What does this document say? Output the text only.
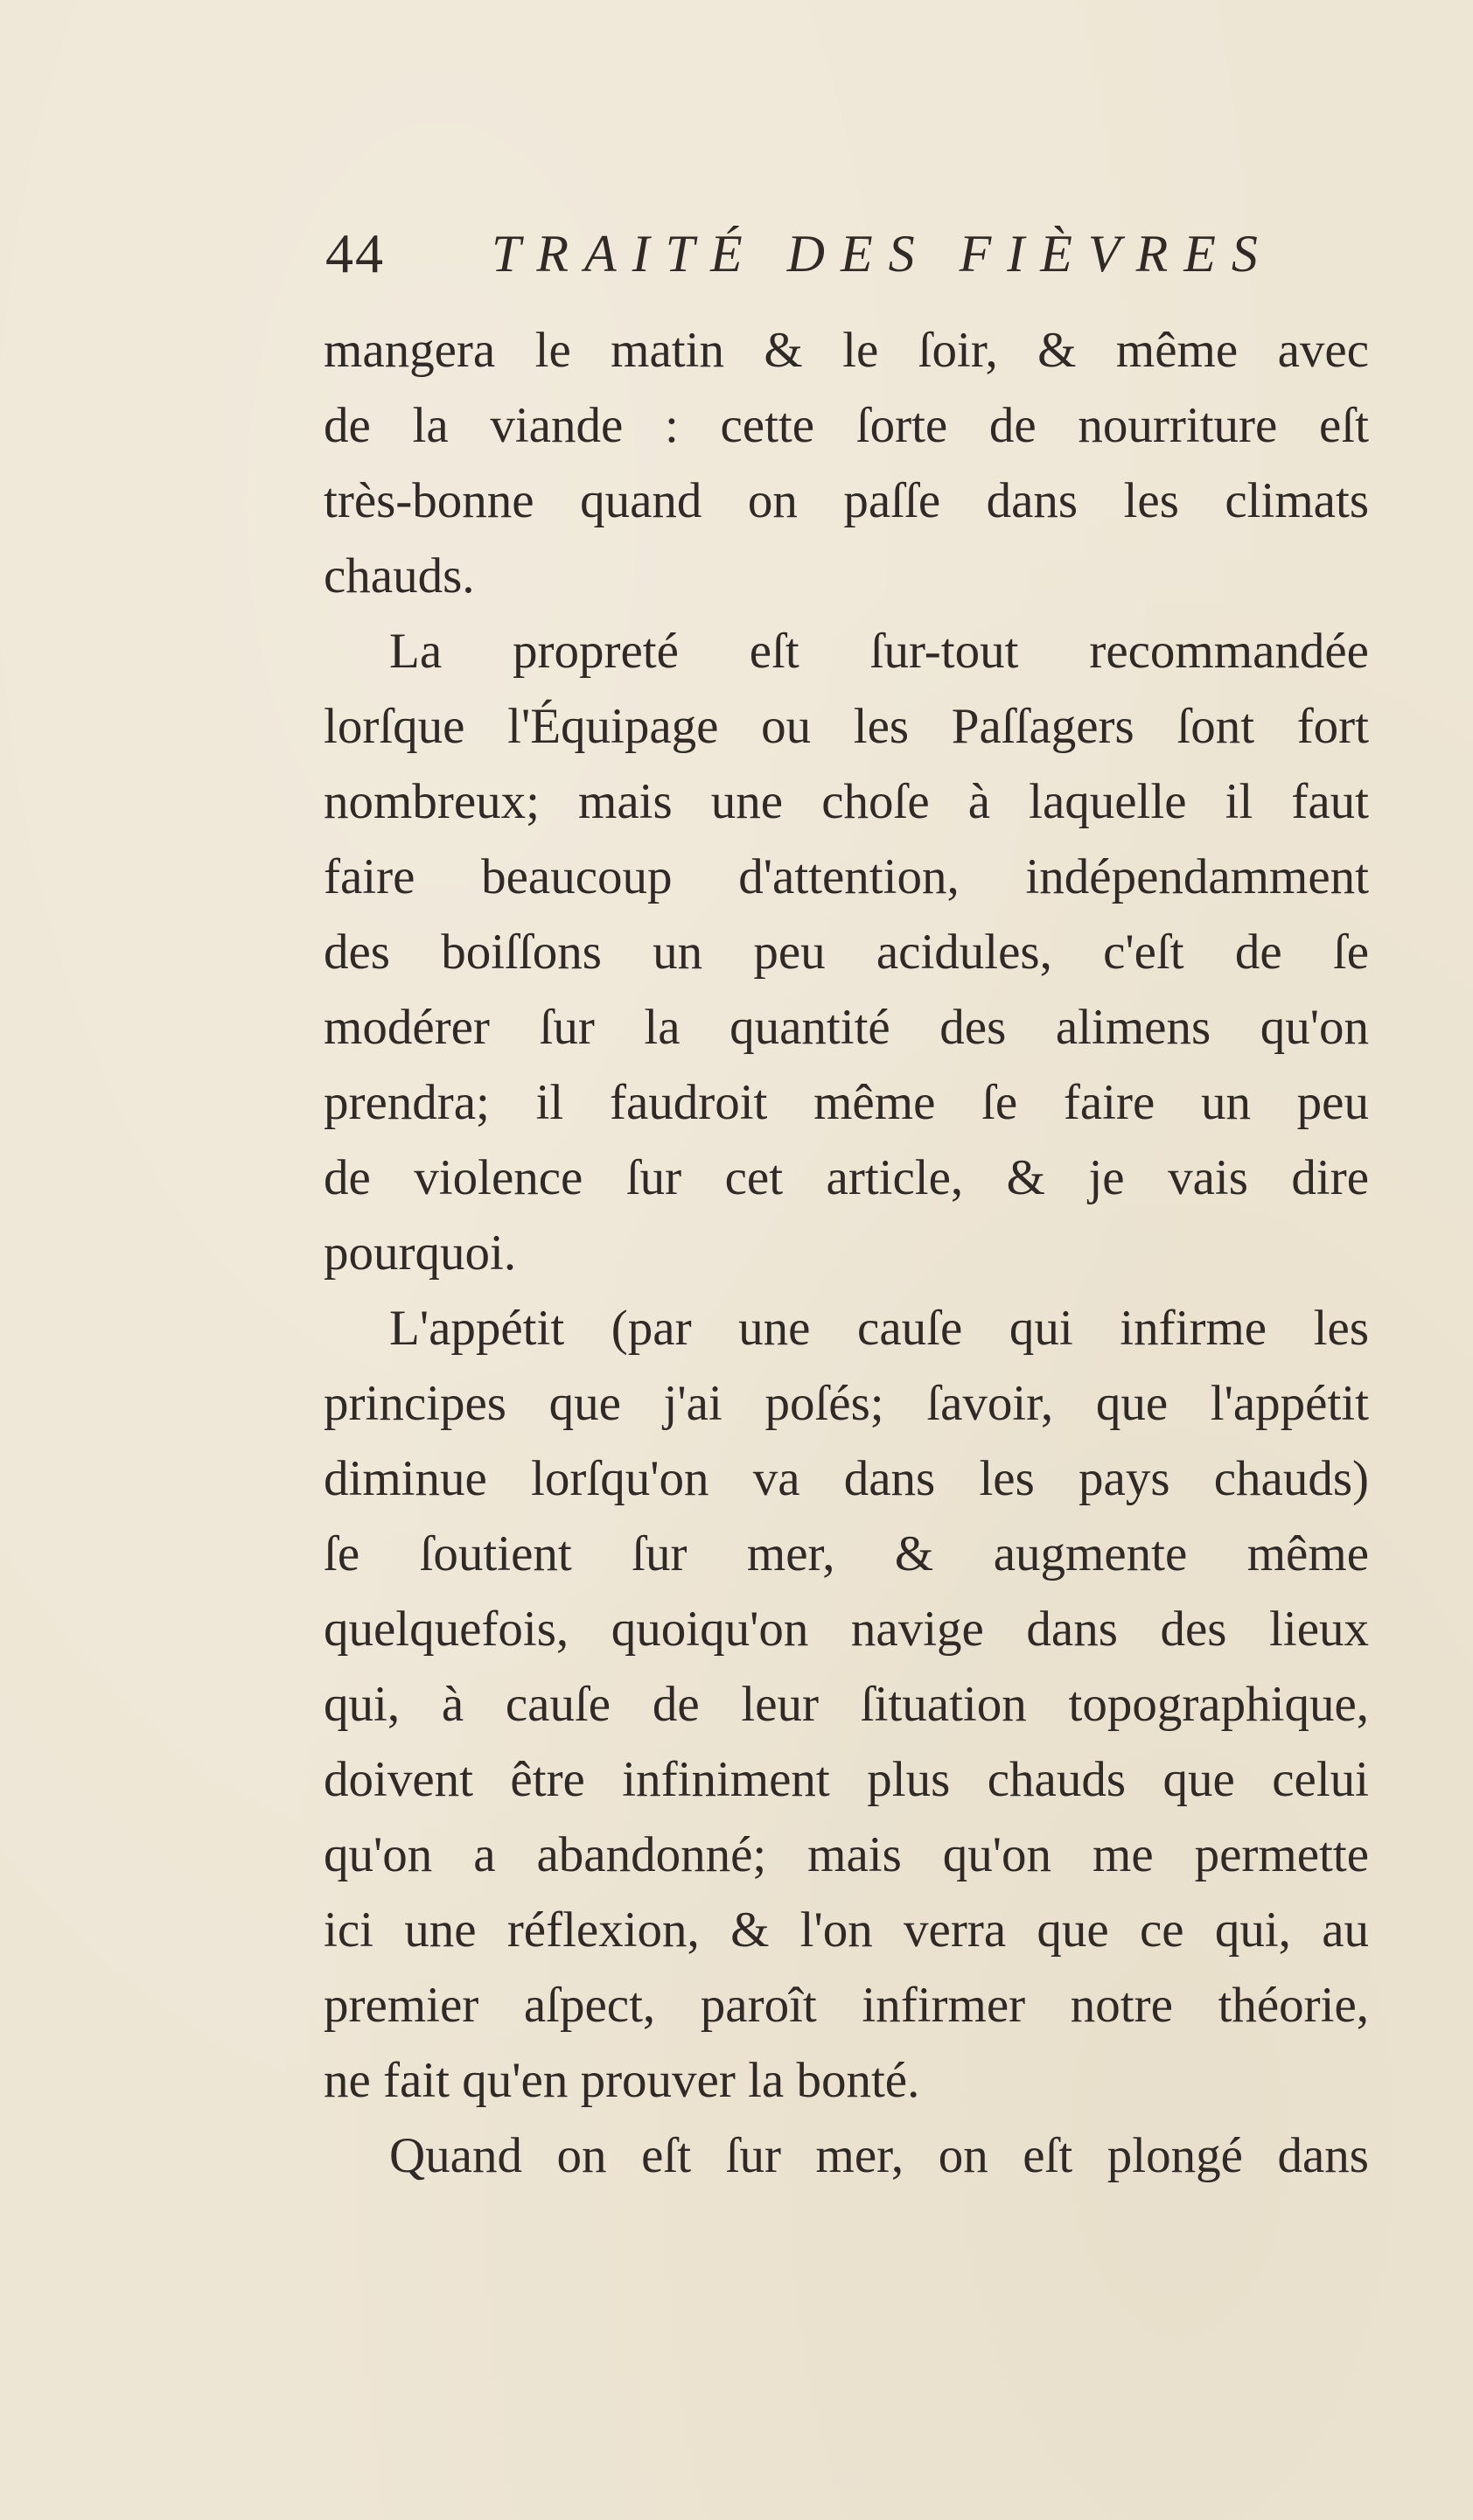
44 TRAITÉ DES FIÈVRES
mangera le matin & le ſoir, & même avec
de la viande : cette ſorte de nourriture eſt
très-bonne quand on paſſe dans les climats
chauds.
La propreté eſt ſur-tout recommandée
lorſque l'Équipage ou les Paſſagers ſont fort
nombreux; mais une choſe à laquelle il faut
faire beaucoup d'attention, indépendamment
des boiſſons un peu acidules, c'eſt de ſe
modérer ſur la quantité des alimens qu'on
prendra; il faudroit même ſe faire un peu
de violence ſur cet article, & je vais dire
pourquoi.
L'appétit (par une cauſe qui infirme les
principes que j'ai poſés; ſavoir, que l'appétit
diminue lorſqu'on va dans les pays chauds)
ſe ſoutient ſur mer, & augmente même
quelquefois, quoiqu'on navige dans des lieux
qui, à cauſe de leur ſituation topographique,
doivent être infiniment plus chauds que celui
qu'on a abandonné; mais qu'on me permette
ici une réflexion, & l'on verra que ce qui, au
premier aſpect, paroît infirmer notre théorie,
ne fait qu'en prouver la bonté.
Quand on eſt ſur mer, on eſt plongé dans
